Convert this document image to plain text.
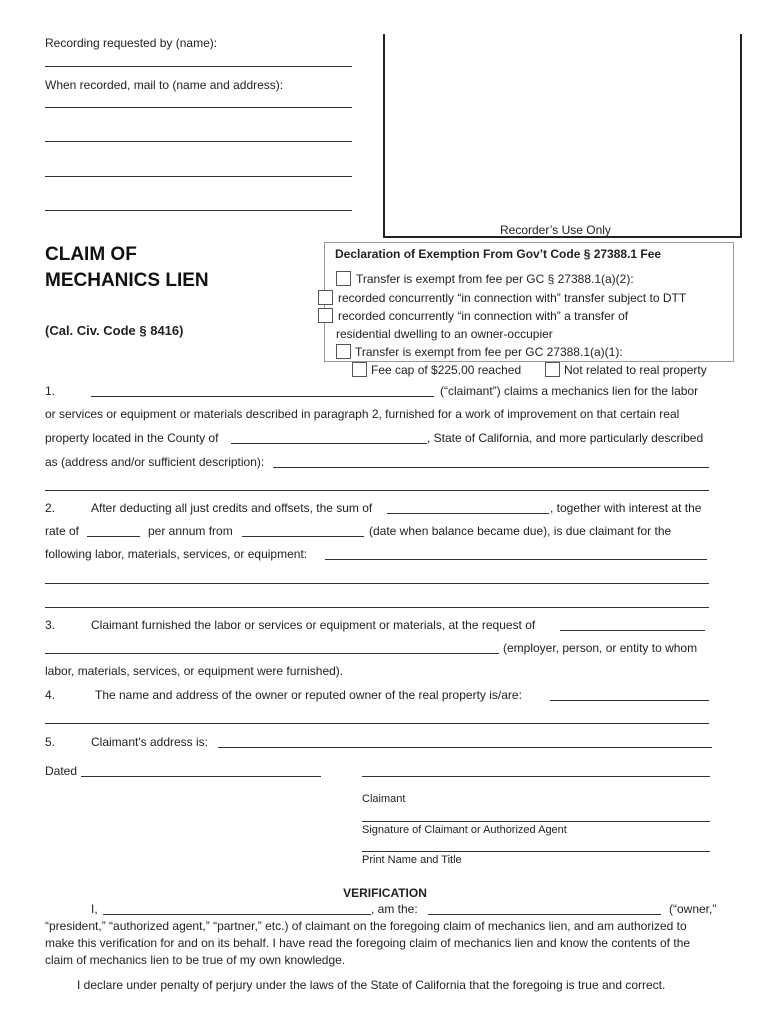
Recording requested by (name):
When recorded, mail to (name and address):
Recorder’s Use Only
CLAIM OF
MECHANICS LIEN
(Cal. Civ. Code § 8416)
Declaration of Exemption From Gov’t Code § 27388.1 Fee
Transfer is exempt from fee per GC § 27388.1(a)(2):
recorded concurrently “in connection with” transfer subject to DTT
recorded concurrently “in connection with” a transfer of
residential dwelling to an owner-occupier
Transfer is exempt from fee per GC 27388.1(a)(1):
Fee cap of $225.00 reached	Not related to real property
1.	(“claimant”) claims a mechanics lien for the labor
or services or equipment or materials described in paragraph 2, furnished for a work of improvement on that certain real
property located in the County of	, State of California, and more particularly described
as (address and/or sufficient description):
2.	After deducting all just credits and offsets, the sum of	, together with interest at the
rate of	per annum from	(date when balance became due), is due claimant for the
following labor, materials, services, or equipment:
3.	Claimant furnished the labor or services or equipment or materials, at the request of
(employer, person, or entity to whom
labor, materials, services, or equipment were furnished).
4.	The name and address of the owner or reputed owner of the real property is/are:
5.	Claimant's address is:
Dated
Claimant
Signature of Claimant or Authorized Agent
Print Name and Title
VERIFICATION
I,	, am the:	(“owner,”
“president,” “authorized agent,” “partner,” etc.) of claimant on the foregoing claim of mechanics lien, and am authorized to
make this verification for and on its behalf. I have read the foregoing claim of mechanics lien and know the contents of the
claim of mechanics lien to be true of my own knowledge.
I declare under penalty of perjury under the laws of the State of California that the foregoing is true and correct.
